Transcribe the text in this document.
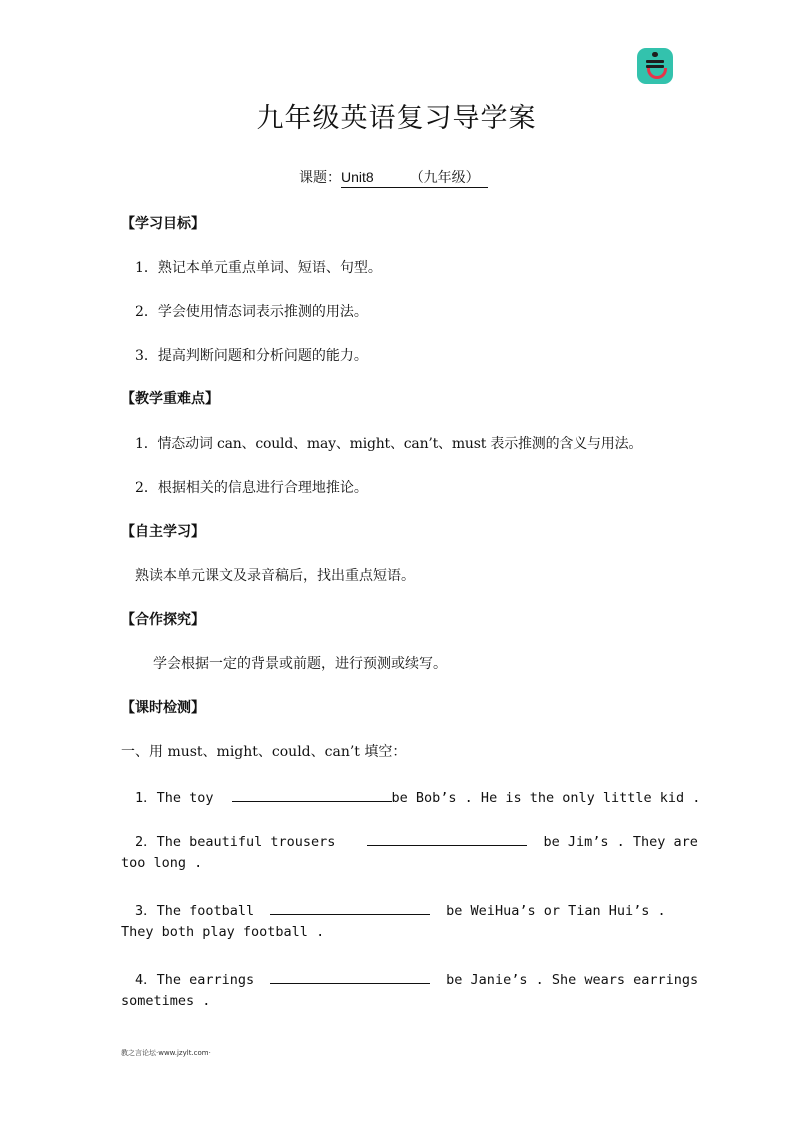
九年级英语复习导学案
课题：Unit8	（九年级）
【学习目标】
1．熟记本单元重点单词、短语、句型。
2．学会使用情态词表示推测的用法。
3．提高判断问题和分析问题的能力。
【教学重难点】
1．情态动词 can、could、may、might、can’t、must 表示推测的含义与用法。
2．根据相关的信息进行合理地推论。
【自主学习】
熟读本单元课文及录音稿后，找出重点短语。
【合作探究】
学会根据一定的背景或前题，进行预测或续写。
【课时检测】
一、用 must、might、could、can’t 填空：
1．The toy	be Bob’s . He is the only little kid .
2．The beautiful trousers	be Jim’s . They are
too long .
3．The football	be WeiHua’s or Tian Hui’s .
They both play football .
4．The earrings	be Janie’s . She wears earrings
sometimes .
教之言论坛·www.jzylt.com·
